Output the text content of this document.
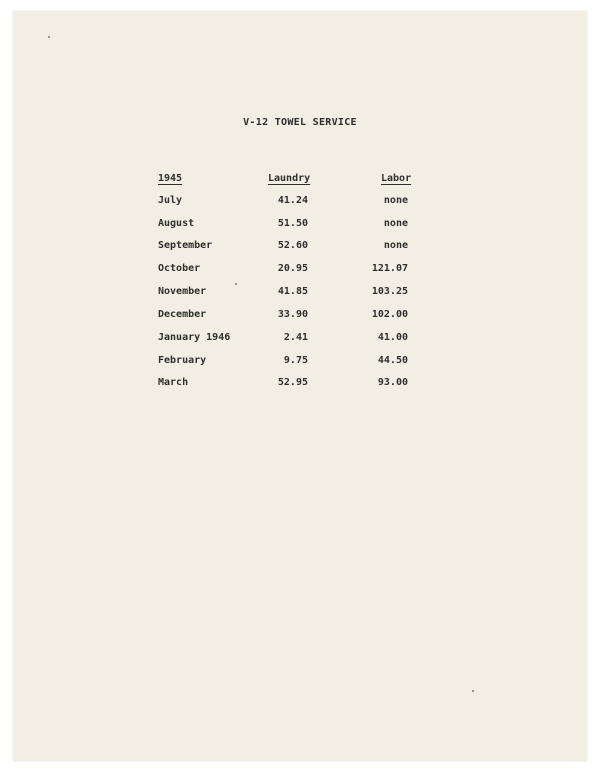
V-12 TOWEL SERVICE
1945	Laundry	Labor
July	41.24	none
August	51.50	none
September	52.60	none
October	20.95	121.07
November	41.85	103.25
December	33.90	102.00
January 1946	2.41	41.00
February	9.75	44.50
March	52.95	93.00
